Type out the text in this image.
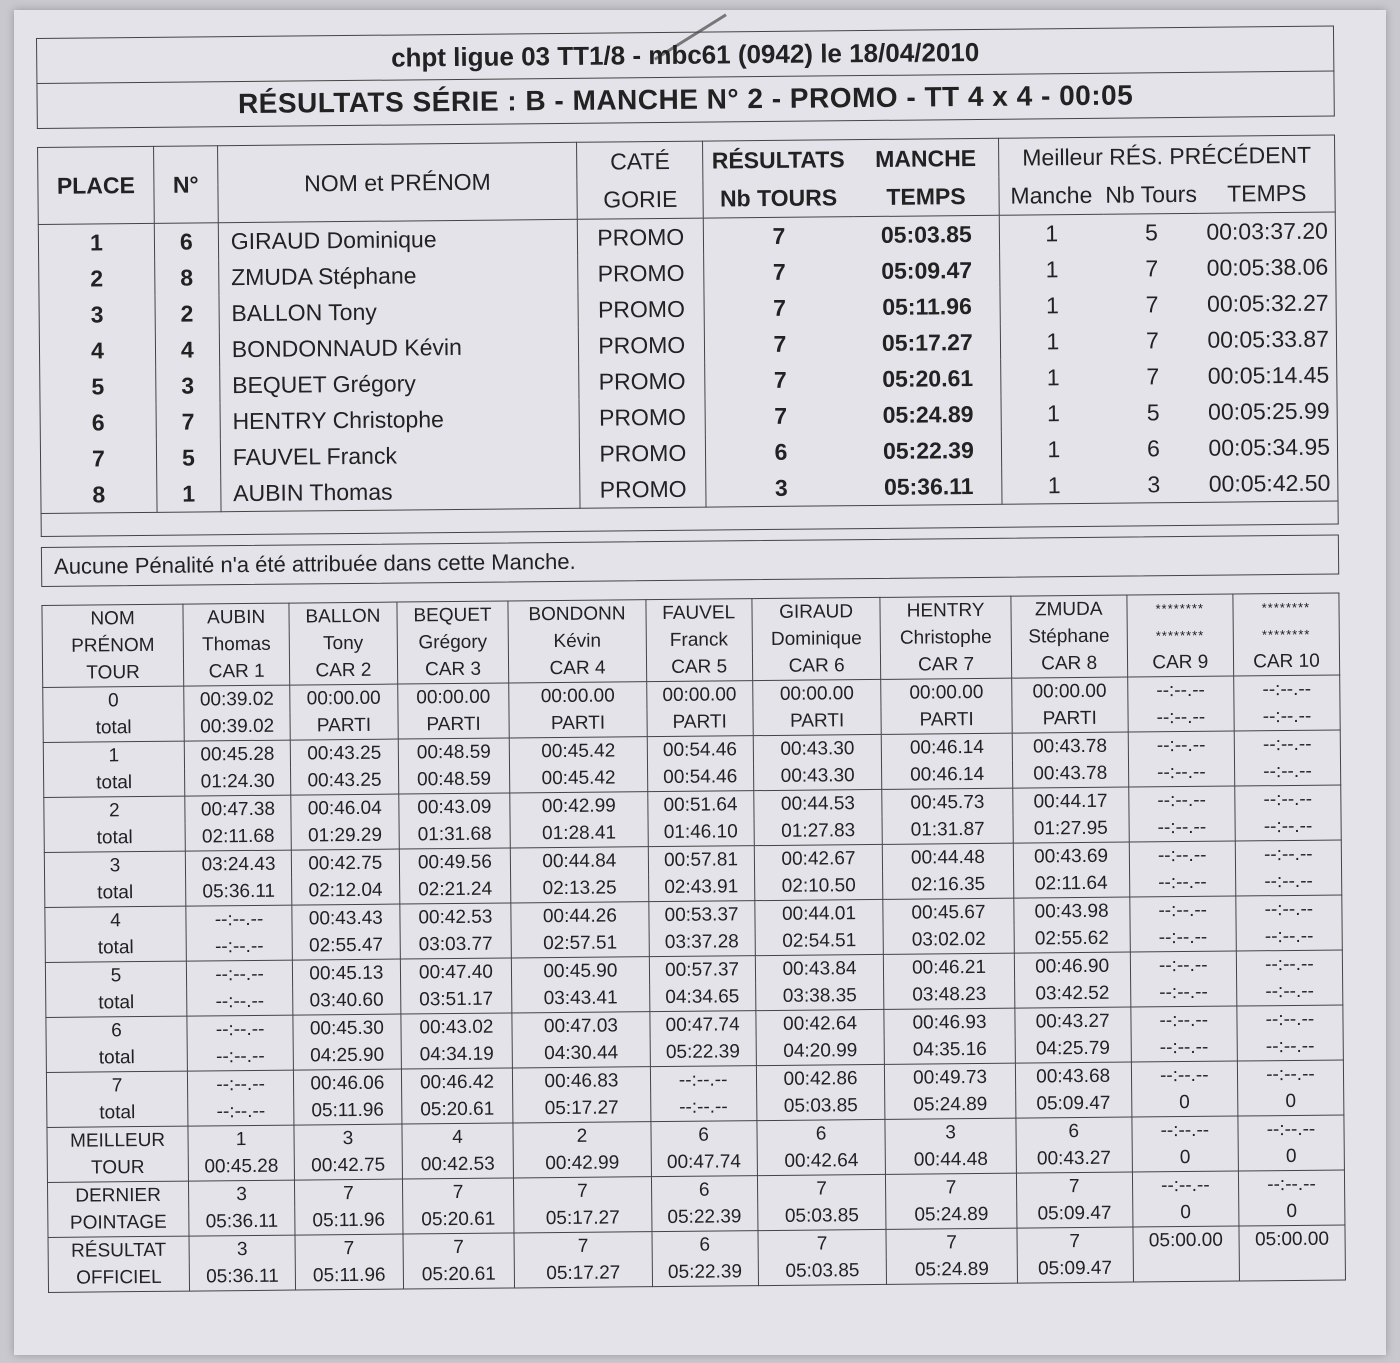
chpt ligue 03 TT1/8 - mbc61 (0942) le 18/04/2010
RÉSULTATS SÉRIE : B - MANCHE N° 2 - PROMO - TT 4 x 4 - 00:05
PLACE	N°	NOM et PRÉNOM	CATÉ	RÉSULTATS	MANCHE	Meilleur RÉS. PRÉCÉDENT		
			GORIE	Nb TOURS	TEMPS	Manche	Nb Tours	TEMPS
1	6	GIRAUD Dominique	PROMO	7	05:03.85	1	5	00:03:37.20
2	8	ZMUDA Stéphane	PROMO	7	05:09.47	1	7	00:05:38.06
3	2	BALLON Tony	PROMO	7	05:11.96	1	7	00:05:32.27
4	4	BONDONNAUD Kévin	PROMO	7	05:17.27	1	7	00:05:33.87
5	3	BEQUET Grégory	PROMO	7	05:20.61	1	7	00:05:14.45
6	7	HENTRY Christophe	PROMO	7	05:24.89	1	5	00:05:25.99
7	5	FAUVEL Franck	PROMO	6	05:22.39	1	6	00:05:34.95
8	1	AUBIN Thomas	PROMO	3	05:36.11	1	3	00:05:42.50
Aucune Pénalité n'a été attribuée dans cette Manche.
NOM	AUBIN	BALLON	BEQUET	BONDONN	FAUVEL	GIRAUD	HENTRY	ZMUDA	********	********
PRÉNOM	Thomas	Tony	Grégory	Kévin	Franck	Dominique	Christophe	Stéphane	********	********
TOUR	CAR 1	CAR 2	CAR 3	CAR 4	CAR 5	CAR 6	CAR 7	CAR 8	CAR 9	CAR 10
0	00:39.02	00:00.00	00:00.00	00:00.00	00:00.00	00:00.00	00:00.00	00:00.00	--:--.--	--:--.--
total	00:39.02	PARTI	PARTI	PARTI	PARTI	PARTI	PARTI	PARTI	--:--.--	--:--.--
1	00:45.28	00:43.25	00:48.59	00:45.42	00:54.46	00:43.30	00:46.14	00:43.78	--:--.--	--:--.--
total	01:24.30	00:43.25	00:48.59	00:45.42	00:54.46	00:43.30	00:46.14	00:43.78	--:--.--	--:--.--
2	00:47.38	00:46.04	00:43.09	00:42.99	00:51.64	00:44.53	00:45.73	00:44.17	--:--.--	--:--.--
total	02:11.68	01:29.29	01:31.68	01:28.41	01:46.10	01:27.83	01:31.87	01:27.95	--:--.--	--:--.--
3	03:24.43	00:42.75	00:49.56	00:44.84	00:57.81	00:42.67	00:44.48	00:43.69	--:--.--	--:--.--
total	05:36.11	02:12.04	02:21.24	02:13.25	02:43.91	02:10.50	02:16.35	02:11.64	--:--.--	--:--.--
4	--:--.--	00:43.43	00:42.53	00:44.26	00:53.37	00:44.01	00:45.67	00:43.98	--:--.--	--:--.--
total	--:--.--	02:55.47	03:03.77	02:57.51	03:37.28	02:54.51	03:02.02	02:55.62	--:--.--	--:--.--
5	--:--.--	00:45.13	00:47.40	00:45.90	00:57.37	00:43.84	00:46.21	00:46.90	--:--.--	--:--.--
total	--:--.--	03:40.60	03:51.17	03:43.41	04:34.65	03:38.35	03:48.23	03:42.52	--:--.--	--:--.--
6	--:--.--	00:45.30	00:43.02	00:47.03	00:47.74	00:42.64	00:46.93	00:43.27	--:--.--	--:--.--
total	--:--.--	04:25.90	04:34.19	04:30.44	05:22.39	04:20.99	04:35.16	04:25.79	--:--.--	--:--.--
7	--:--.--	00:46.06	00:46.42	00:46.83	--:--.--	00:42.86	00:49.73	00:43.68	--:--.--	--:--.--
total	--:--.--	05:11.96	05:20.61	05:17.27	--:--.--	05:03.85	05:24.89	05:09.47	0	0
MEILLEUR	1	3	4	2	6	6	3	6	--:--.--	--:--.--
TOUR	00:45.28	00:42.75	00:42.53	00:42.99	00:47.74	00:42.64	00:44.48	00:43.27	0	0
DERNIER	3	7	7	7	6	7	7	7	--:--.--	--:--.--
POINTAGE	05:36.11	05:11.96	05:20.61	05:17.27	05:22.39	05:03.85	05:24.89	05:09.47	0	0
RÉSULTAT	3	7	7	7	6	7	7	7	05:00.00	05:00.00
OFFICIEL	05:36.11	05:11.96	05:20.61	05:17.27	05:22.39	05:03.85	05:24.89	05:09.47		
